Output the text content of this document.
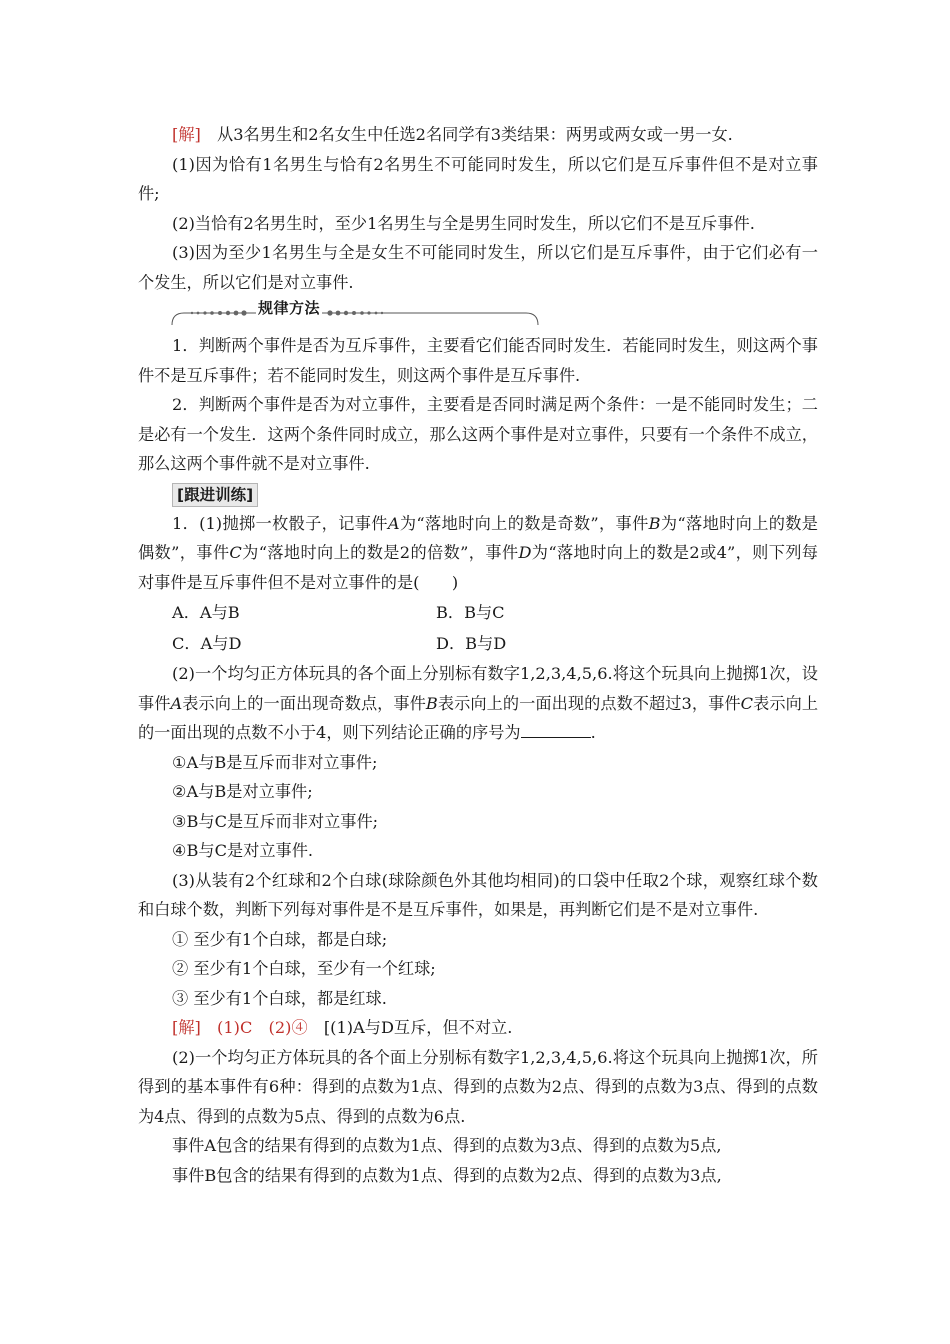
[解]　 从3名男生和2名女生中任选2名同学有3类结果：两男或两女或一男一女.

(1)因为恰有1名男生与恰有2名男生不可能同时发生，所以它们是互斥事件但不是对立事件;

(2)当恰有2名男生时，至少1名男生与全是男生同时发生，所以它们不是互斥事件.

(3)因为至少1名男生与全是女生不可能同时发生，所以它们是互斥事件，由于它们必有一个发生，所以它们是对立事件.

规律方法

1．判断两个事件是否为互斥事件，主要看它们能否同时发生．若能同时发生，则这两个事件不是互斥事件；若不能同时发生，则这两个事件是互斥事件.

2．判断两个事件是否为对立事件，主要看是否同时满足两个条件：一是不能同时发生；二是必有一个发生．这两个条件同时成立，那么这两个事件是对立事件，只要有一个条件不成立，那么这两个事件就不是对立事件.

[跟进训练]

1．(1)抛掷一枚骰子，记事件A为“落地时向上的数是奇数”，事件B为“落地时向上的数是偶数”，事件C为“落地时向上的数是2的倍数”，事件D为“落地时向上的数是2或4”，则下列每对事件是互斥事件但不是对立事件的是(　　)

A．A与B	B．B与C
C．A与D	D．B与D

(2)一个均匀正方体玩具的各个面上分别标有数字1,2,3,4,5,6.将这个玩具向上抛掷1次，设事件A表示向上的一面出现奇数点，事件B表示向上的一面出现的点数不超过3，事件C表示向上的一面出现的点数不小于4，则下列结论正确的序号为	.

①A与B是互斥而非对立事件;

②A与B是对立事件;

③B与C是互斥而非对立事件;

④B与C是对立事件.

(3)从装有2个红球和2个白球(球除颜色外其他均相同)的口袋中任取2个球，观察红球个数和白球个数，判断下列每对事件是不是互斥事件，如果是，再判断它们是不是对立事件.

① 至少有1个白球，都是白球;

② 至少有1个白球，至少有一个红球;

③ 至少有1个白球，都是红球.

[解]　 (1)C　(2)④　 [(1)A与D互斥，但不对立.

(2)一个均匀正方体玩具的各个面上分别标有数字1,2,3,4,5,6.将这个玩具向上抛掷1次，所得到的基本事件有6种：得到的点数为1点、得到的点数为2点、得到的点数为3点、得到的点数为4点、得到的点数为5点、得到的点数为6点.

事件A包含的结果有得到的点数为1点、得到的点数为3点、得到的点数为5点,

事件B包含的结果有得到的点数为1点、得到的点数为2点、得到的点数为3点,
